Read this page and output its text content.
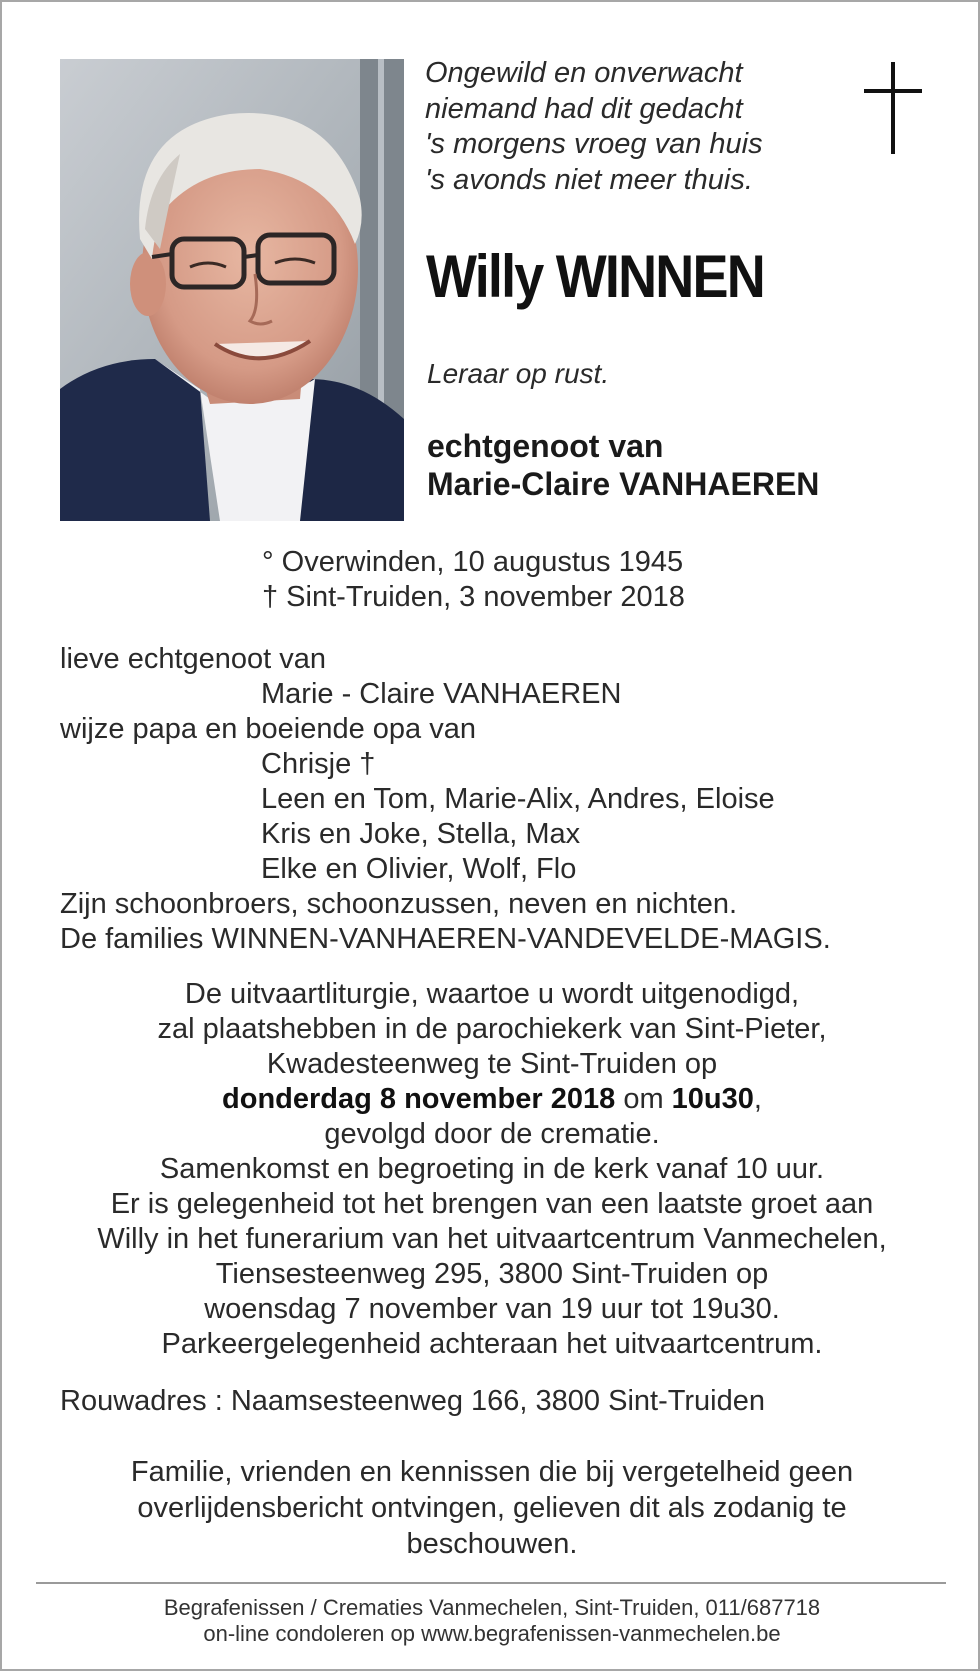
Ongewild en onverwacht
niemand had dit gedacht
's morgens vroeg van huis
's avonds niet meer thuis.
Willy WINNEN
Leraar op rust.
echtgenoot van
Marie-Claire VANHAEREN
° Overwinden, 10 augustus 1945
† Sint-Truiden, 3 november 2018
lieve echtgenoot van
Marie - Claire VANHAEREN
wijze papa en boeiende opa van
Chrisje †
Leen en Tom, Marie-Alix, Andres, Eloise
Kris en Joke, Stella, Max
Elke en Olivier, Wolf, Flo
Zijn schoonbroers, schoonzussen, neven en nichten.
De families WINNEN-VANHAEREN-VANDEVELDE-MAGIS.
De uitvaartliturgie, waartoe u wordt uitgenodigd,
zal plaatshebben in de parochiekerk van Sint-Pieter,
Kwadesteenweg te Sint-Truiden op
donderdag 8 november 2018 om 10u30,
gevolgd door de crematie.
Samenkomst en begroeting in de kerk vanaf 10 uur.
Er is gelegenheid tot het brengen van een laatste groet aan
Willy in het funerarium van het uitvaartcentrum Vanmechelen,
Tiensesteenweg 295, 3800 Sint-Truiden op
woensdag 7 november van 19 uur tot 19u30.
Parkeergelegenheid achteraan het uitvaartcentrum.
Rouwadres : Naamsesteenweg 166, 3800 Sint-Truiden
Familie, vrienden en kennissen die bij vergetelheid geen
overlijdensbericht ontvingen, gelieven dit als zodanig te
beschouwen.
Begrafenissen / Crematies Vanmechelen, Sint-Truiden, 011/687718
on-line condoleren op www.begrafenissen-vanmechelen.be
